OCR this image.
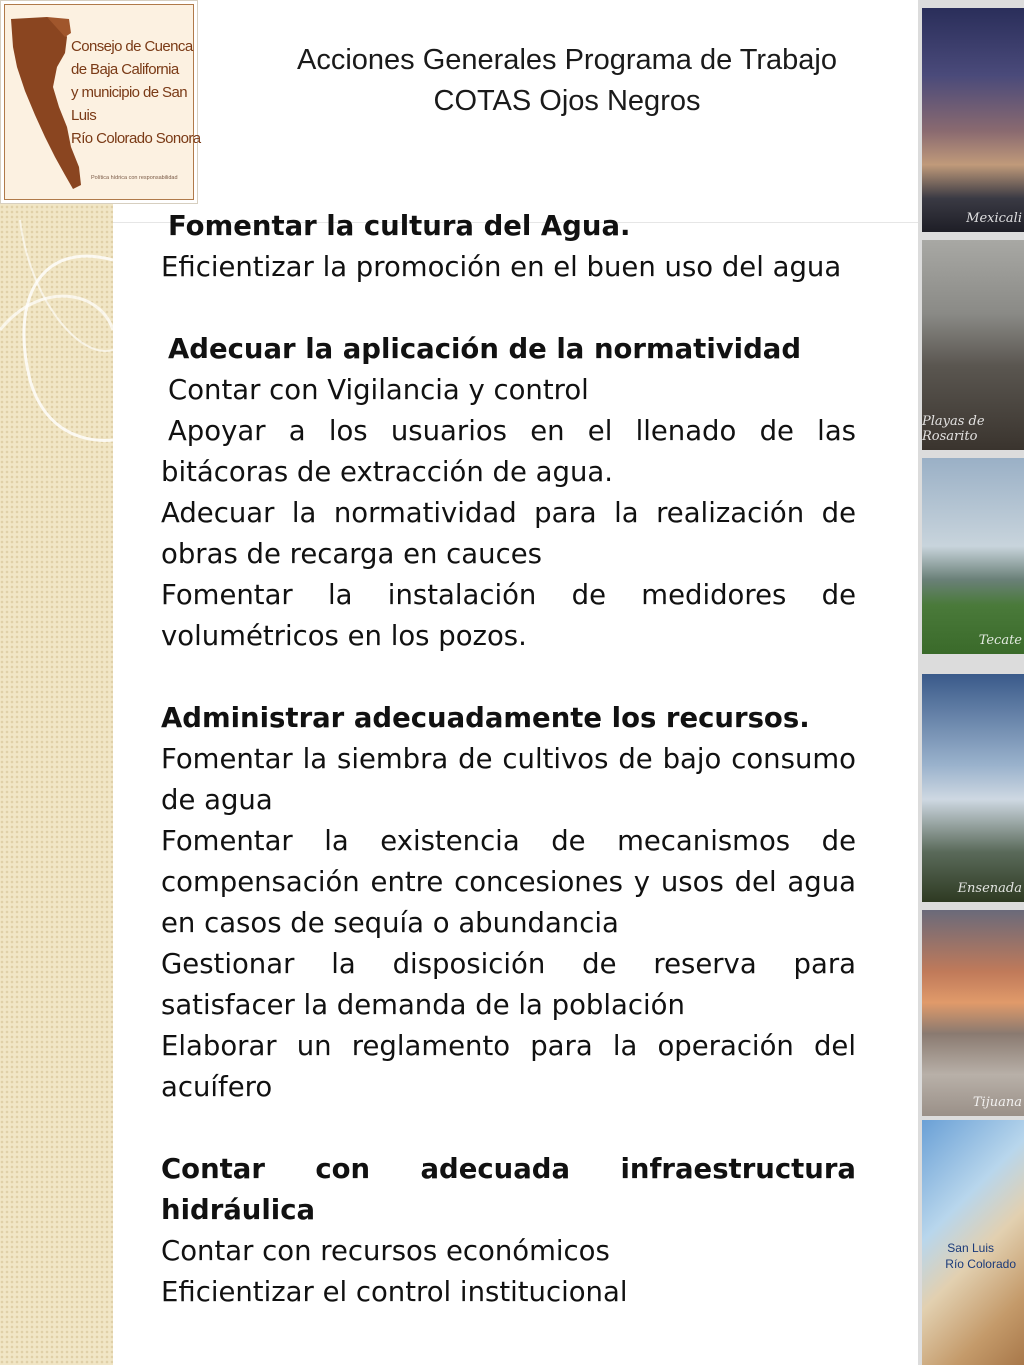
Consejo de Cuenca
de Baja California
y municipio de San Luis
Río Colorado Sonora
Política hídrica con responsabilidad
Acciones Generales Programa de Trabajo
COTAS Ojos Negros
Fomentar la cultura del Agua.
Eficientizar la promoción en el buen uso del agua
Adecuar la aplicación de la normatividad
Contar con Vigilancia y control
Apoyar a los usuarios en el llenado de las bitácoras de extracción de agua.
Adecuar la normatividad para la realización de obras de recarga en cauces
Fomentar la instalación de medidores de volumétricos en los pozos.
Administrar adecuadamente los recursos.
Fomentar la siembra de cultivos de bajo consumo de agua
Fomentar la existencia de mecanismos de compensación entre concesiones y usos del agua en casos de sequía o abundancia
Gestionar la disposición de reserva para satisfacer la demanda de la población
Elaborar un reglamento para la operación del acuífero
Contar con adecuada infraestructura hidráulica
Contar con recursos económicos
Eficientizar el control institucional
Mexicali
Playas de Rosarito
Tecate
Ensenada
Tijuana
San Luis
Río Colorado
